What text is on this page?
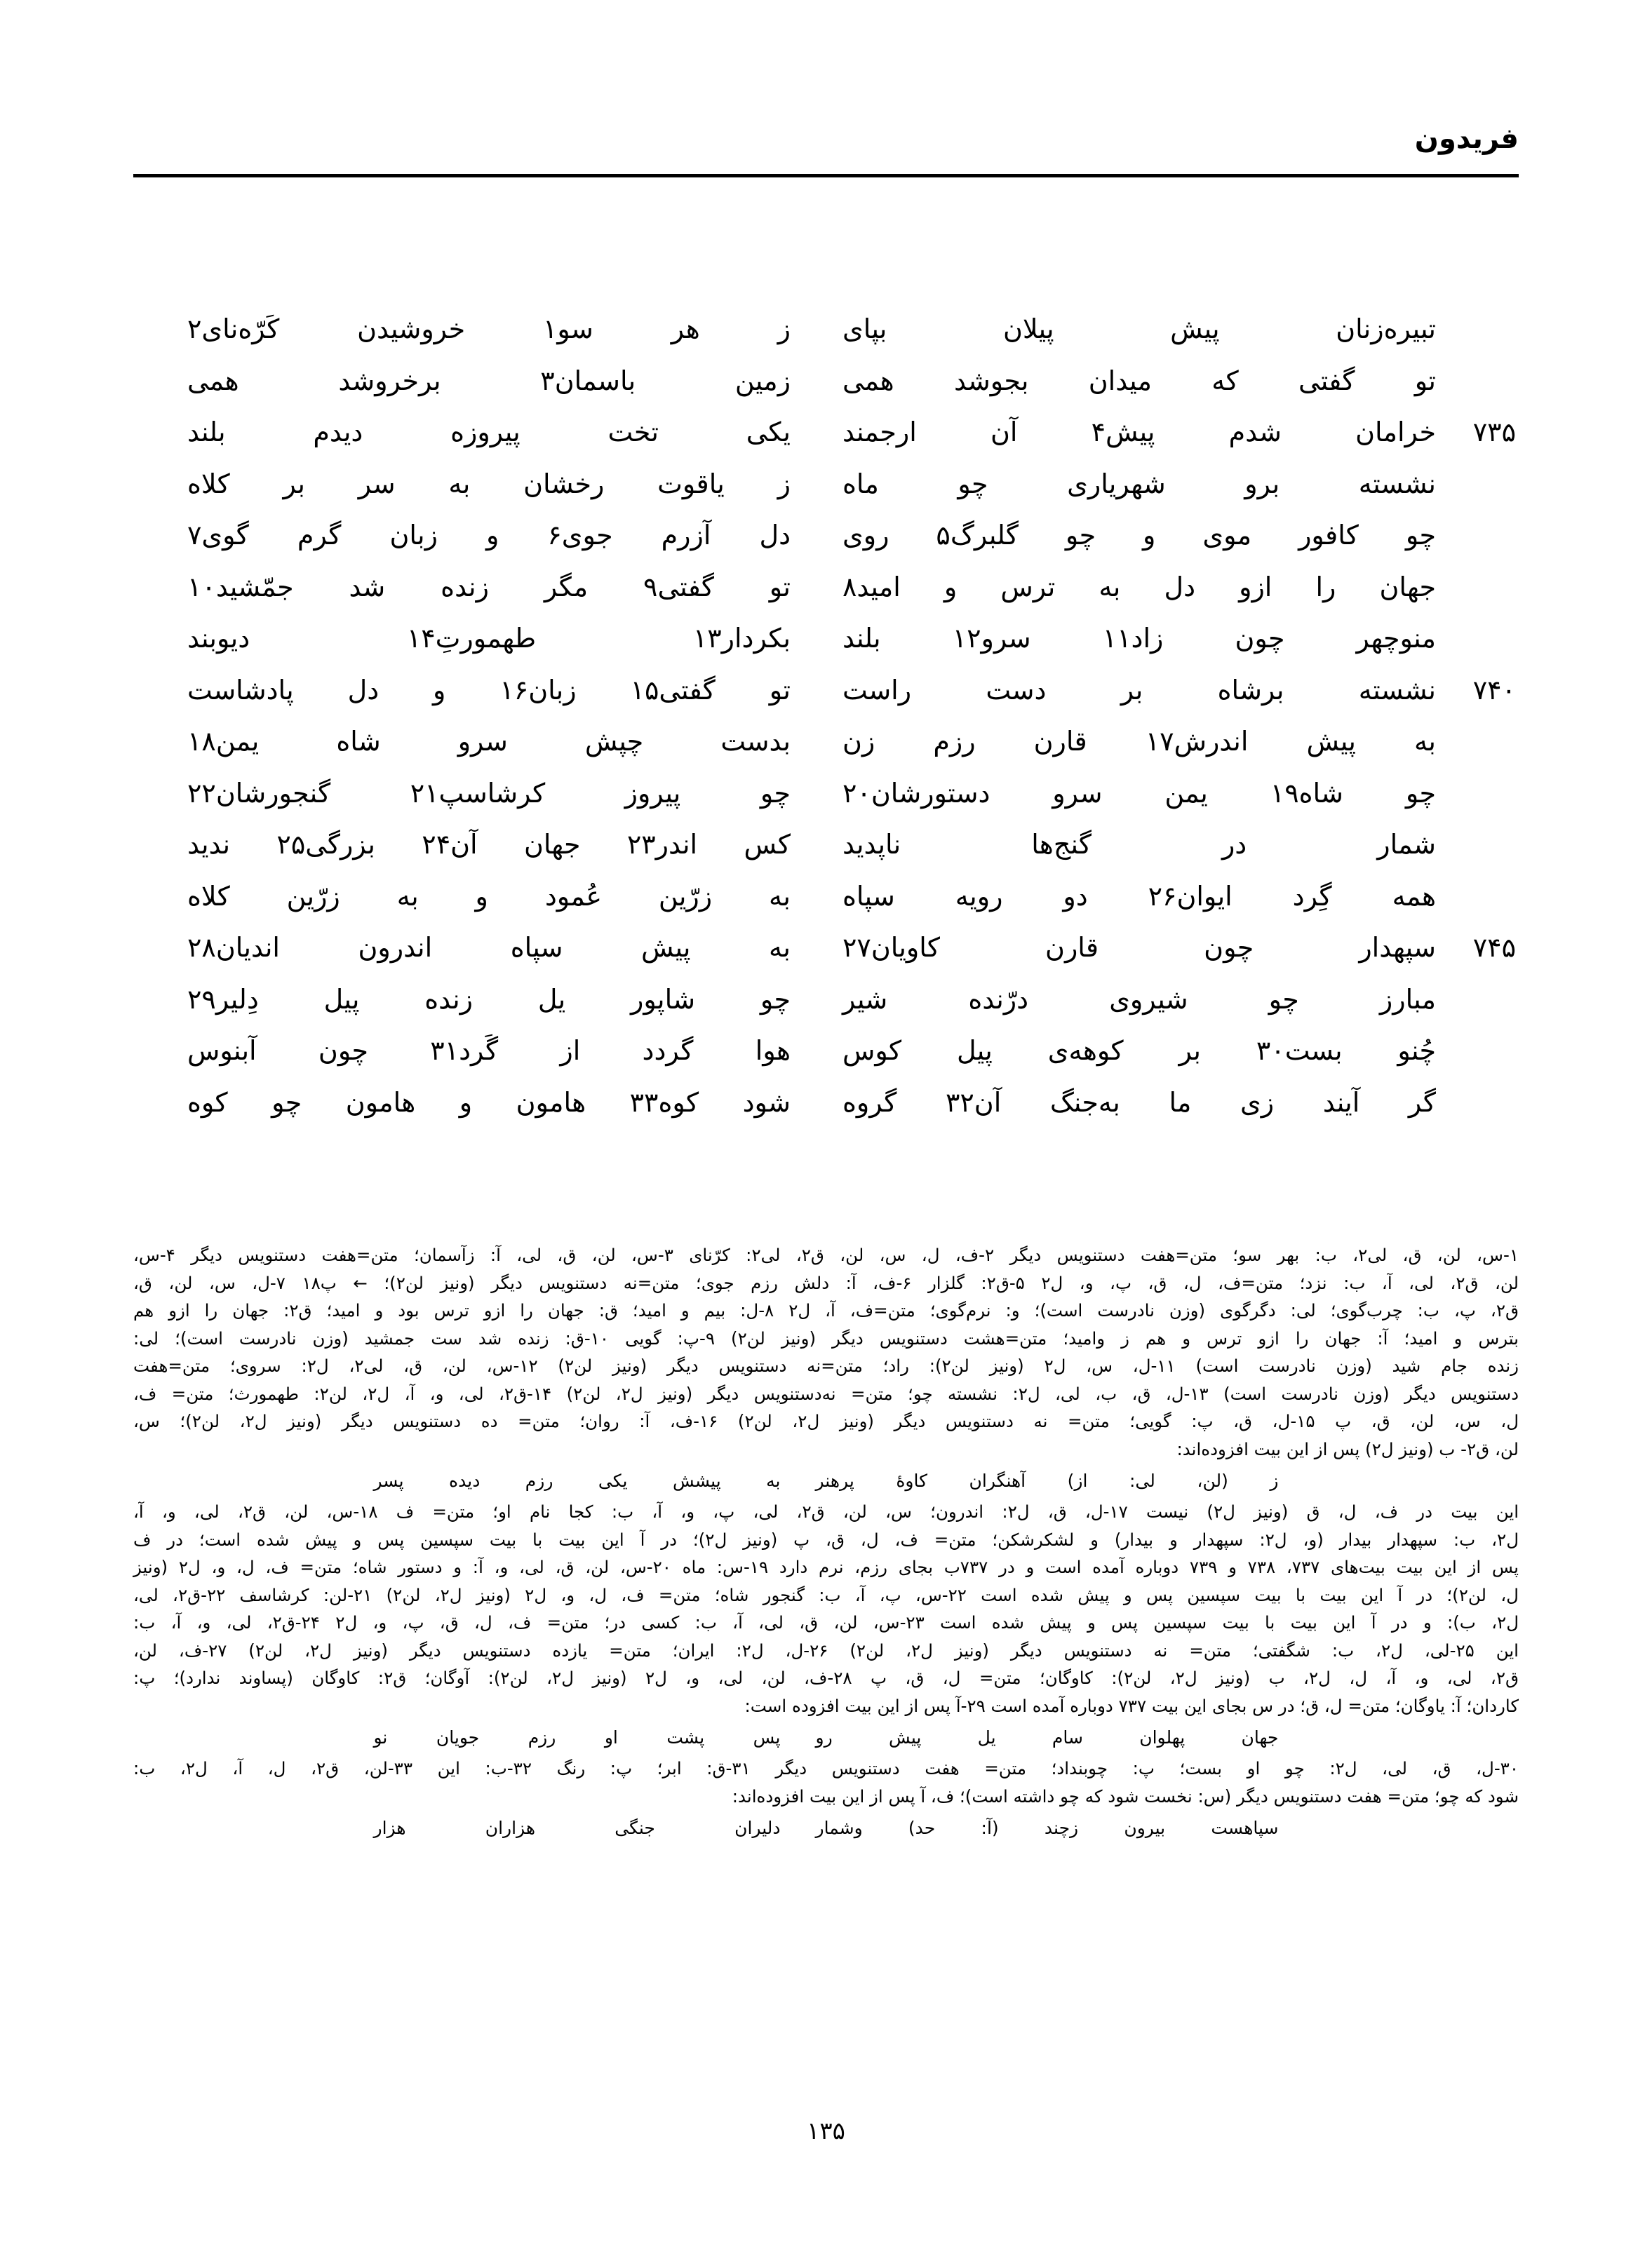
فریدون
تبیره‌زنان پیش پیلان بپای
ز هر سو۱ خروشیدن کَرّه‌نای۲
تو گفتی که میدان بجوشد همی
زمین باسمان۳ برخروشد همی
۷۳۵
خرامان شدم پیش۴ آن ارجمند
یکی تخت پیروزه دیدم بلند
نشسته برو شهریاری چو ماه
ز یاقوت رخشان به سر بر کلاه
چو کافور موی و چو گلبرگ۵ روی
دل آزرم جوی۶ و زبان گرم گوی۷
جهان را ازو دل به ترس و امید۸
تو گفتی۹ مگر زنده شد جمّشید۱۰
منوچهر چون زاد۱۱ سرو۱۲ بلند
بکردار۱۳ طهمورتِ۱۴ دیوبند
۷۴۰
نشسته برشاه بر دست راست
تو گفتی۱۵ زبان۱۶ و دل پادشاست
به پیش اندرش۱۷ قارن رزم زن
بدست چپش سرو شاه یمن۱۸
چو شاه۱۹ یمن سرو دستورشان۲۰
چو پیروز کرشاسپ۲۱ گنجورشان۲۲
شمار در گنج‌ها ناپدید
کس اندر۲۳ جهان آن۲۴ بزرگی۲۵ ندید
همه گِرد ایوان۲۶ دو رویه سپاه
به زرّین عُمود و به زرّین کلاه
۷۴۵
سپهدار چون قارن کاویان۲۷
به پیش سپاه اندرون اندیان۲۸
مبارز چو شیروی درّنده شیر
چو شاپور یل زنده پیل دِلیر۲۹
چُنو بست۳۰ بر کوهه‌ی پیل کوس
هوا گردد از گَرد۳۱ چون آبنوس
گر آیند زی ما به‌جنگ آن۳۲ گروه
شود کوه۳۳ هامون و هامون چو کوه

۱-س، لن، ق، لی۲، ب: بهر سو؛ متن=هفت دستنویس دیگر ۲-ف، ل، س، لن، ق۲، لی۲: کرّنای ۳-س، لن، ق، لی، آ: زآسمان؛ متن=هفت دستنویس دیگر ۴-س،

لن، ق۲، لی، آ، ب: نزد؛ متن=ف، ل، ق، پ، و، ل۲ ۵-ق۲: گلزار ۶-ف، آ: دلش رزم جوی؛ متن=نه دستنویس دیگر (ونیز لن۲)؛ ← پ۱۸ ۷-ل، س، لن، ق،

ق۲، پ، ب: چرب‌گوی؛ لی: دگرگوی (وزن نادرست است)؛ و: نرم‌گوی؛ متن=ف، آ، ل۲ ۸-ل: بیم و امید؛ ق: جهان را ازو ترس بود و امید؛ ق۲: جهان را ازو هم

بترس و امید؛ آ: جهان را ازو ترس و هم ز وامید؛ متن=هشت دستنویس دیگر (ونیز لن۲) ۹-پ: گویی ۱۰-ق: زنده شد ست جمشید (وزن نادرست است)؛ لی:

زنده جام شید (وزن نادرست است) ۱۱-ل، س، ل۲ (ونیز لن۲): راد؛ متن=نه دستنویس دیگر (ونیز لن۲) ۱۲-س، لن، ق، لی۲، ل۲: سروی؛ متن=هفت

دستنویس دیگر (وزن نادرست است) ۱۳-ل، ق، ب، لی، ل۲: نشسته چو؛ متن= نه‌دستنویس دیگر (ونیز ل۲، لن۲) ۱۴-ق۲، لی، و، آ، ل۲، لن۲: طهمورث؛ متن= ف،

ل، س، لن، ق، پ ۱۵-ل، ق، پ: گویی؛ متن= نه دستنویس دیگر (ونیز ل۲، لن۲) ۱۶-ف، آ: روان؛ متن= ده دستنویس دیگر (ونیز ل۲، لن۲)؛ س،

لن، ق۲- ب (ونیز ل۲) پس از این بیت افزوده‌اند:

ز (لن، لی: از) آهنگران کاوهٔ پرهنر
به پیشش یکی رزم دیده پسر

این بیت در ف، ل، ق (ونیز ل۲) نیست ۱۷-ل، ق، ل۲: اندرون؛ س، لن، ق۲، لی، پ، و، آ، ب: کجا نام او؛ متن= ف ۱۸-س، لن، ق۲، لی، و، آ،

ل۲، ب: سپهدار بیدار (و، ل۲: سپهدار و بیدار) و لشکرشکن؛ متن= ف، ل، ق، پ (ونیز ل۲)؛ در آ این بیت با بیت سپسین پس و پیش شده است؛ در ف

پس از این بیت بیت‌های ۷۳۷، ۷۳۸ و ۷۳۹ دوباره آمده است و در ۷۳۷ب بجای رزم، نرم دارد ۱۹-س: ماه ۲۰-س، لن، ق، لی، و، آ: و دستور شاه؛ متن= ف، ل، و، ل۲ (ونیز

ل، لن۲)؛ در آ این بیت با بیت سپسین پس و پیش شده است ۲۲-س، پ، آ، ب: گنجور شاه؛ متن= ف، ل، و، ل۲ (ونیز ل۲، لن۲) ۲۱-لن: کرشاسف ۲۲-ق۲، لی،

ل۲، ب): و در آ این بیت با بیت سپسین پس و پیش شده است ۲۳-س، لن، ق، لی، آ، ب: کسی در؛ متن= ف، ل، ق، پ، و، ل۲ ۲۴-ق۲، لی، و، آ، ب:

این ۲۵-لی، ل۲، ب: شگفتی؛ متن= نه دستنویس دیگر (ونیز ل۲، لن۲) ۲۶-ل، ل۲: ایران؛ متن= یازده دستنویس دیگر (ونیز ل۲، لن۲) ۲۷-ف، لن،

ق۲، لی، و، آ، ل، ل۲، ب (ونیز ل۲، لن۲): کاوگان؛ متن= ل، ق، پ ۲۸-ف، لن، لی، و، ل۲ (ونیز ل۲، لن۲): آوگان؛ ق۲: کاوگان (پساوند ندارد)؛ پ:

کاردان؛ آ: یاوگان؛ متن= ل، ق؛ در س بجای این بیت ۷۳۷ دوباره آمده است ۲۹-آ پس از این بیت افزوده است:

جهان پهلوان سام یل پیش رو
پس پشت او رزم جویان نو

۳۰-ل، ق، لی، ل۲: چو او بست؛ پ: چوبنداد؛ متن= هفت دستنویس دیگر ۳۱-ق: ابر؛ پ: رنگ ۳۲-ب: این ۳۳-لن، ق۲، ل، آ، ل۲، ب:

شود که چو؛ متن= هفت دستنویس دیگر (س: نخست شود که چو داشته است)؛ ف، آ پس از این بیت افزوده‌اند:

سپاهست بیرون زچند (آ: حد) وشمار
دلیران جنگی هزاران هزار
۱۳۵
